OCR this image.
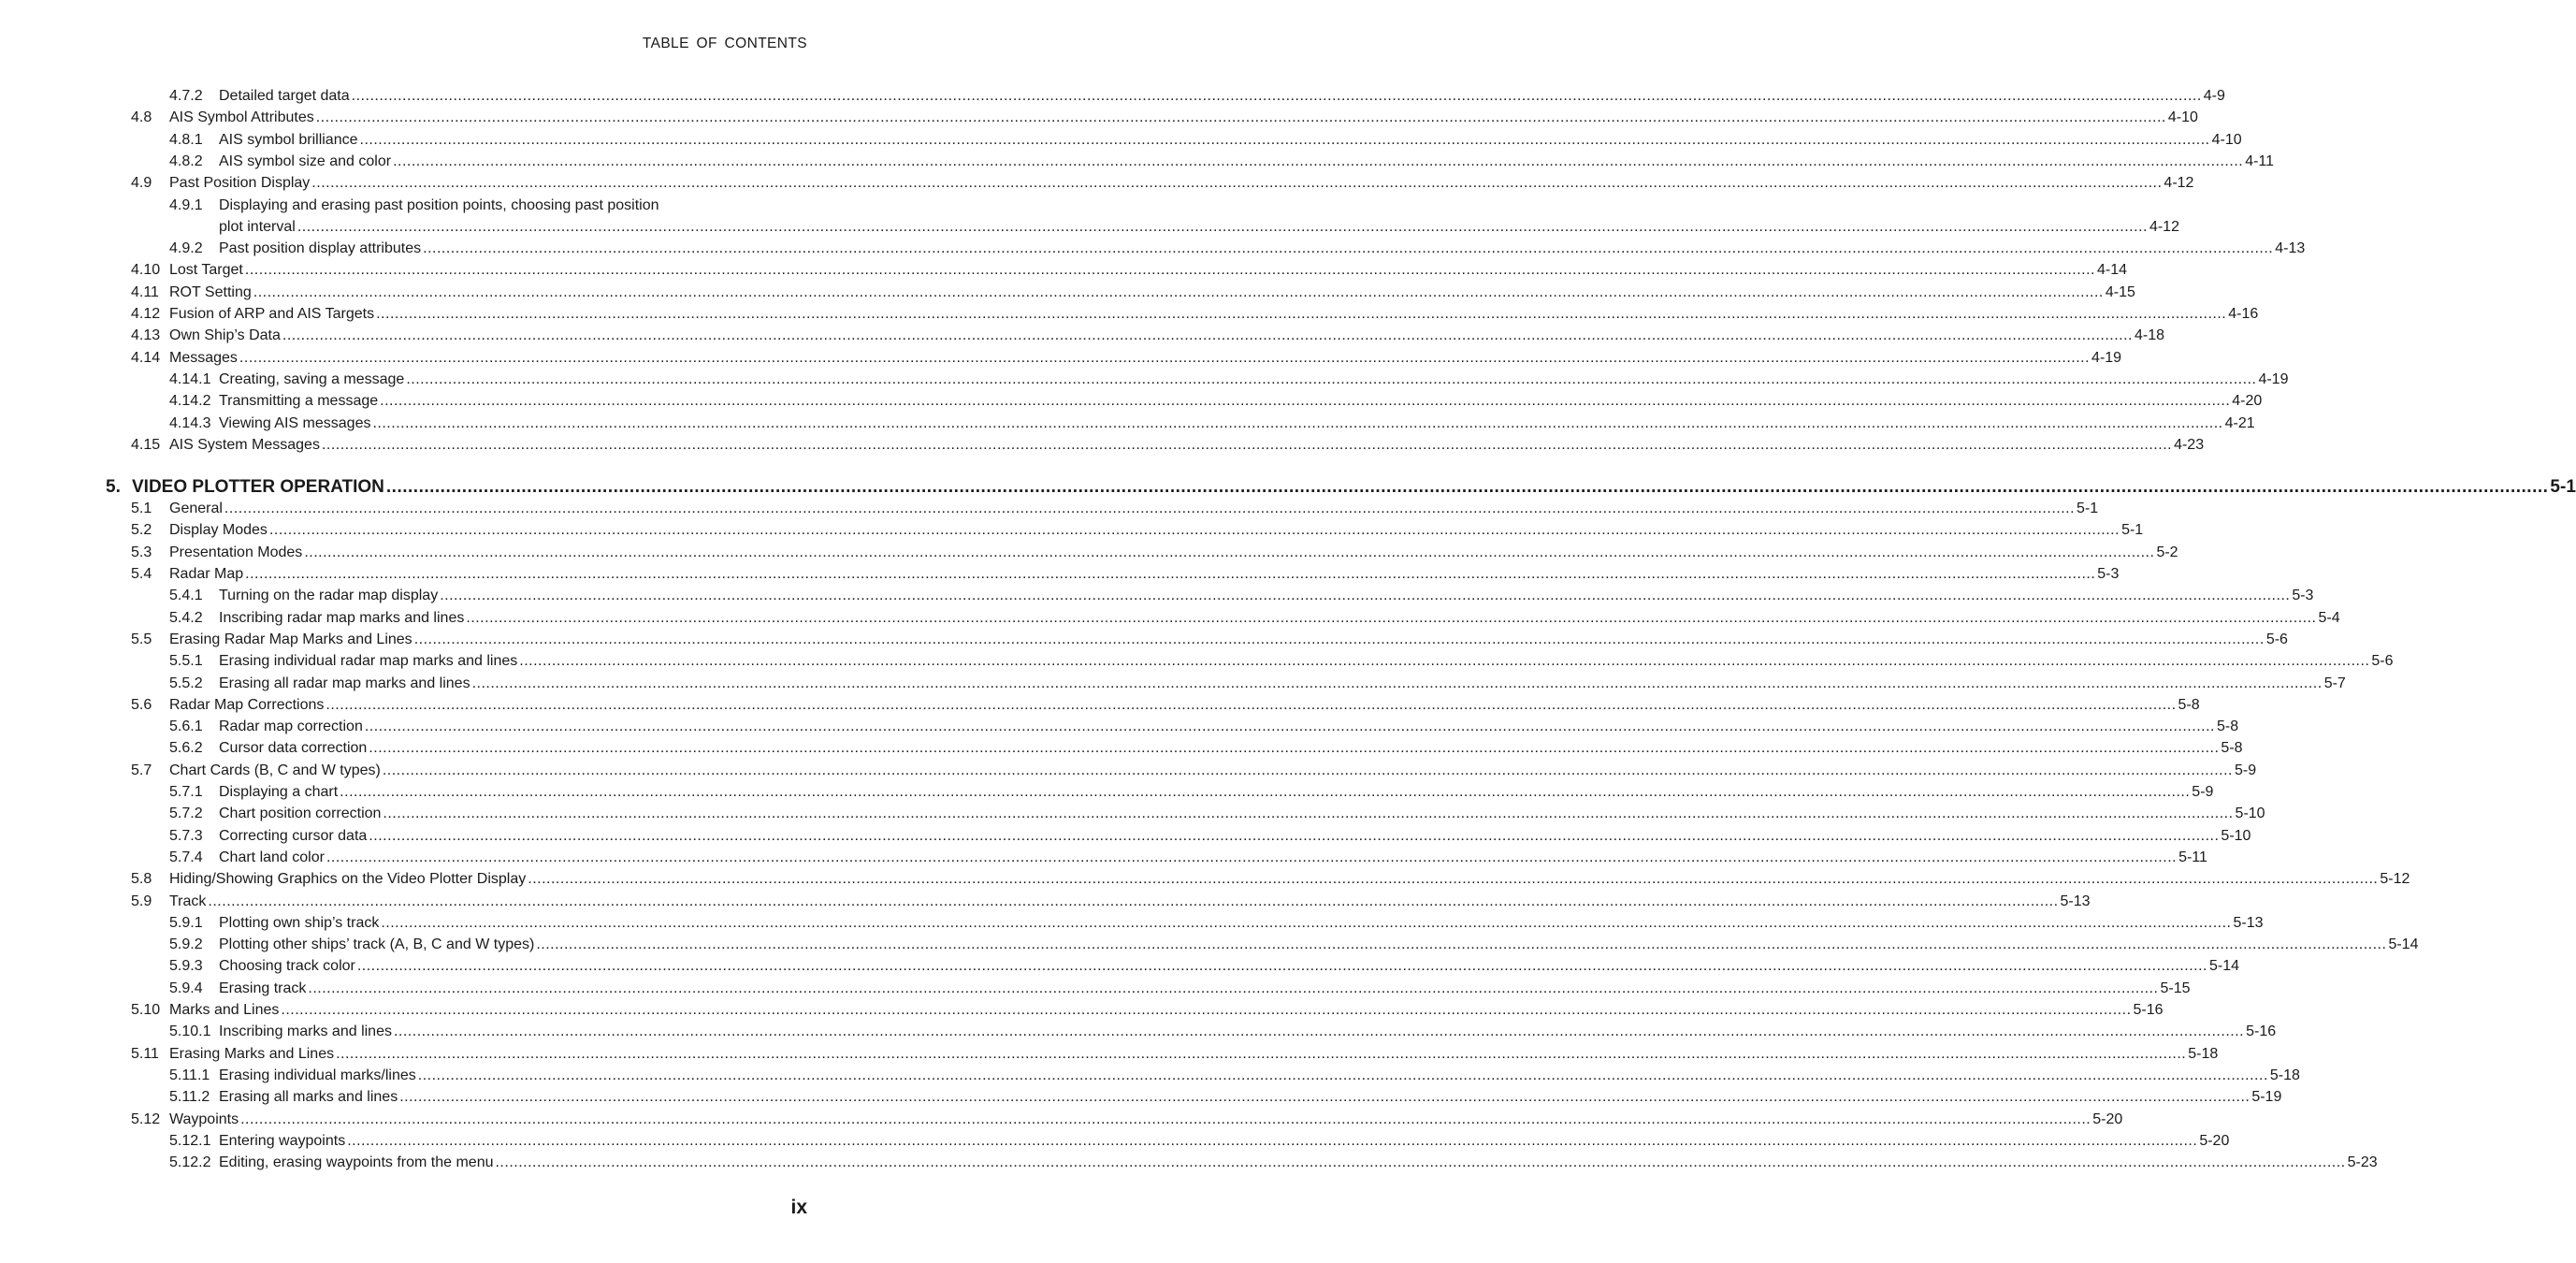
TABLE OF CONTENTS
4.7.2 Detailed target data ................................................................................................................................................................................................................................................................................................................................................................................................................ 4-9
4.8 AIS Symbol Attributes ................................................................................................................................................................................................................................................................................................................................................................................................................ 4-10
4.8.1 AIS symbol brilliance ................................................................................................................................................................................................................................................................................................................................................................................................................ 4-10
4.8.2 AIS symbol size and color ................................................................................................................................................................................................................................................................................................................................................................................................................ 4-11
4.9 Past Position Display ................................................................................................................................................................................................................................................................................................................................................................................................................ 4-12
4.9.1 Displaying and erasing past position points, choosing past position
plot interval ................................................................................................................................................................................................................................................................................................................................................................................................................ 4-12
4.9.2 Past position display attributes ................................................................................................................................................................................................................................................................................................................................................................................................................ 4-13
4.10 Lost Target ................................................................................................................................................................................................................................................................................................................................................................................................................ 4-14
4.11 ROT Setting ................................................................................................................................................................................................................................................................................................................................................................................................................ 4-15
4.12 Fusion of ARP and AIS Targets ................................................................................................................................................................................................................................................................................................................................................................................................................ 4-16
4.13 Own Ship’s Data ................................................................................................................................................................................................................................................................................................................................................................................................................ 4-18
4.14 Messages ................................................................................................................................................................................................................................................................................................................................................................................................................ 4-19
4.14.1 Creating, saving a message ................................................................................................................................................................................................................................................................................................................................................................................................................ 4-19
4.14.2 Transmitting a message ................................................................................................................................................................................................................................................................................................................................................................................................................ 4-20
4.14.3 Viewing AIS messages ................................................................................................................................................................................................................................................................................................................................................................................................................ 4-21
4.15 AIS System Messages ................................................................................................................................................................................................................................................................................................................................................................................................................ 4-23
5. VIDEO PLOTTER OPERATION ................................................................................................................................................................................................................................................................................................................................................................................................................ 5-1
5.1 General ................................................................................................................................................................................................................................................................................................................................................................................................................ 5-1
5.2 Display Modes ................................................................................................................................................................................................................................................................................................................................................................................................................ 5-1
5.3 Presentation Modes ................................................................................................................................................................................................................................................................................................................................................................................................................ 5-2
5.4 Radar Map ................................................................................................................................................................................................................................................................................................................................................................................................................ 5-3
5.4.1 Turning on the radar map display ................................................................................................................................................................................................................................................................................................................................................................................................................ 5-3
5.4.2 Inscribing radar map marks and lines ................................................................................................................................................................................................................................................................................................................................................................................................................ 5-4
5.5 Erasing Radar Map Marks and Lines ................................................................................................................................................................................................................................................................................................................................................................................................................ 5-6
5.5.1 Erasing individual radar map marks and lines ................................................................................................................................................................................................................................................................................................................................................................................................................ 5-6
5.5.2 Erasing all radar map marks and lines ................................................................................................................................................................................................................................................................................................................................................................................................................ 5-7
5.6 Radar Map Corrections ................................................................................................................................................................................................................................................................................................................................................................................................................ 5-8
5.6.1 Radar map correction ................................................................................................................................................................................................................................................................................................................................................................................................................ 5-8
5.6.2 Cursor data correction ................................................................................................................................................................................................................................................................................................................................................................................................................ 5-8
5.7 Chart Cards (B, C and W types) ................................................................................................................................................................................................................................................................................................................................................................................................................ 5-9
5.7.1 Displaying a chart ................................................................................................................................................................................................................................................................................................................................................................................................................ 5-9
5.7.2 Chart position correction ................................................................................................................................................................................................................................................................................................................................................................................................................ 5-10
5.7.3 Correcting cursor data ................................................................................................................................................................................................................................................................................................................................................................................................................ 5-10
5.7.4 Chart land color ................................................................................................................................................................................................................................................................................................................................................................................................................ 5-11
5.8 Hiding/Showing Graphics on the Video Plotter Display ................................................................................................................................................................................................................................................................................................................................................................................................................ 5-12
5.9 Track ................................................................................................................................................................................................................................................................................................................................................................................................................ 5-13
5.9.1 Plotting own ship’s track ................................................................................................................................................................................................................................................................................................................................................................................................................ 5-13
5.9.2 Plotting other ships’ track (A, B, C and W types) ................................................................................................................................................................................................................................................................................................................................................................................................................ 5-14
5.9.3 Choosing track color ................................................................................................................................................................................................................................................................................................................................................................................................................ 5-14
5.9.4 Erasing track ................................................................................................................................................................................................................................................................................................................................................................................................................ 5-15
5.10 Marks and Lines ................................................................................................................................................................................................................................................................................................................................................................................................................ 5-16
5.10.1 Inscribing marks and lines ................................................................................................................................................................................................................................................................................................................................................................................................................ 5-16
5.11 Erasing Marks and Lines ................................................................................................................................................................................................................................................................................................................................................................................................................ 5-18
5.11.1 Erasing individual marks/lines ................................................................................................................................................................................................................................................................................................................................................................................................................ 5-18
5.11.2 Erasing all marks and lines ................................................................................................................................................................................................................................................................................................................................................................................................................ 5-19
5.12 Waypoints ................................................................................................................................................................................................................................................................................................................................................................................................................ 5-20
5.12.1 Entering waypoints ................................................................................................................................................................................................................................................................................................................................................................................................................ 5-20
5.12.2 Editing, erasing waypoints from the menu ................................................................................................................................................................................................................................................................................................................................................................................................................ 5-23
ix
